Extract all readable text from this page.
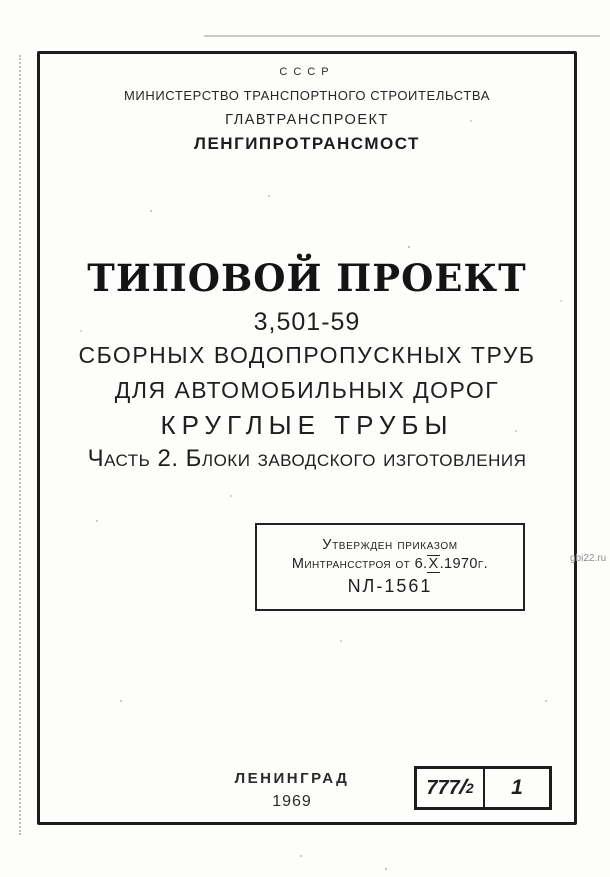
СССР
МИНИСТЕРСТВО ТРАНСПОРТНОГО СТРОИТЕЛЬСТВА
ГЛАВТРАНСПРОЕКТ
ЛЕНГИПРОТРАНСМОСТ
ТИПОВОЙ ПРОЕКТ
3,501-59
СБОРНЫХ ВОДОПРОПУСКНЫХ ТРУБ
ДЛЯ АВТОМОБИЛЬНЫХ ДОРОГ
КРУГЛЫЕ ТРУБЫ
Часть 2. Блоки заводского изготовления
Утвержден приказом
Минтрансстроя от 6.X.1970г.
NЛ-1561
gbi22.ru
ЛЕНИНГРАД
1969
777
/
2	1
